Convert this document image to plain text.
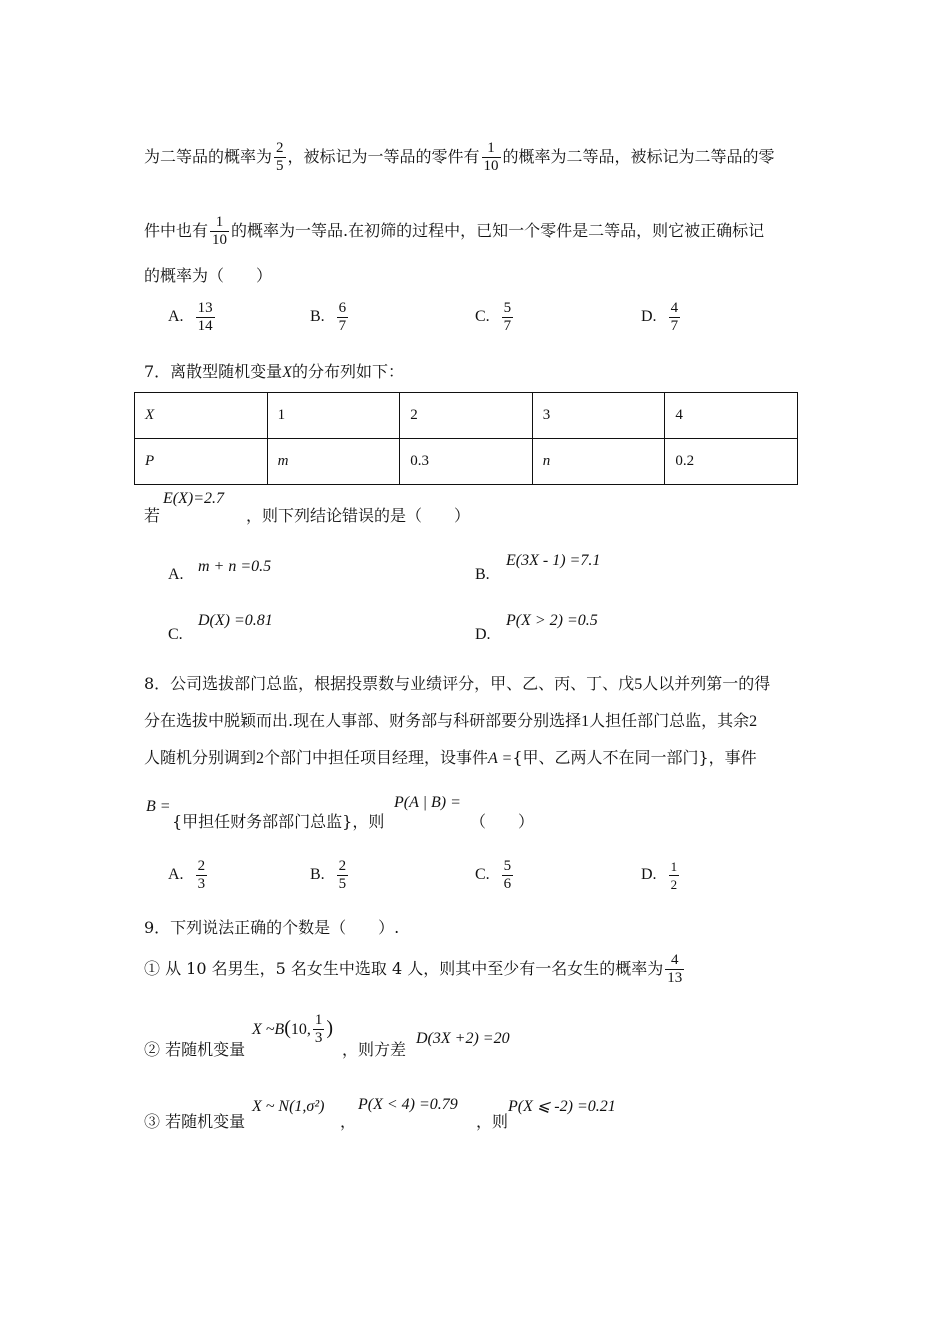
为二等品的概率为 $\frac{2}{5}$ ，被标记为一等品的零件有 $\frac{1}{10}$ 的概率为二等品，被标记为二等品的零
件中也有 $\frac{1}{10}$ 的概率为一等品.在初筛的过程中，已知一个零件是二等品，则它被正确标记
的概率为（　　）
A. $\frac{13}{14}$	B. $\frac{6}{7}$	C. $\frac{5}{7}$	D. $\frac{4}{7}$
7．离散型随机变量X的分布列如下：
X	1	2	3	4
P	m	0.3	n	0.2
若
E(X)=2.7
，则下列结论错误的是（　　）
A. m + n =0.5	B.
E(3X - 1) =7.1
C.
D(X) =0.81
D.
P(X > 2) =0.5
8．公司选拔部门总监，根据投票数与业绩评分，甲、乙、丙、丁、戊5人以并列第一的得
分在选拔中脱颖而出.现在人事部、财务部与科研部要分别选择1人担任部门总监，其余2
人随机分别调到2个部门中担任项目经理，设事件A ={甲、乙两人不在同一部门}，事件
B =
{甲担任财务部部门总监}，则
P(A | B) =
（　　）
A. $\frac{2}{3}$	B. $\frac{2}{5}$	C. $\frac{5}{6}$	D. $\frac{1}{2}$
9．下列说法正确的个数是（　　）.
① 从 10 名男生，5 名女生中选取 4 人，则其中至少有一名女生的概率为 $\frac{4}{13}$
② 若随机变量
X ~B(10, $\frac{1}{3}$ )
，则方差
D(3X +2) =20
③ 若随机变量
X ~ N(1,σ²)
，
P(X < 4) =0.79
，则
P(X ⩽ -2) =0.21
